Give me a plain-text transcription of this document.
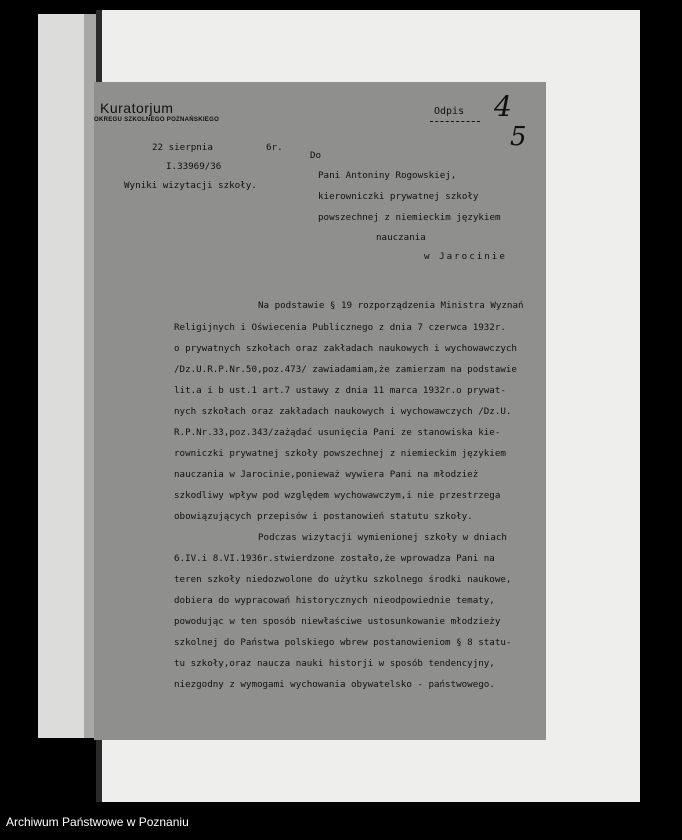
Kuratorjum
OKREGU SZKOLNEGO POZNAŃSKIEGO
Odpis 4
22 sierpnia	6r.
I.33969/36
Wyniki wizytacji szkoły.
Do
Pani Antoniny Rogowskiej,
kierowniczki prywatnej szkoły
powszechnej z niemieckim językiem
nauczania
w Jarocinie
Na podstawie § 19 rozporządzenia Ministra Wyznań
Religijnych i Oświecenia Publicznego z dnia 7 czerwca 1932r.
o prywatnych szkołach oraz zakładach naukowych i wychowawczych
/Dz.U.R.P.Nr.50,poz.473/ zawiadamiam,że zamierzam na podstawie
lit.a i b ust.1 art.7 ustawy z dnia 11 marca 1932r.o prywat-
nych szkołach oraz zakładach naukowych i wychowawczych /Dz.U.
R.P.Nr.33,poz.343/zażądać usunięcia Pani ze stanowiska kie-
rowniczki prywatnej szkoły powszechnej z niemieckim językiem
nauczania w Jarocinie,ponieważ wywiera Pani na młodzież
szkodliwy wpływ pod względem wychowawczym,i nie przestrzega
obowiązujących przepisów i postanowień statutu szkoły.
Podczas wizytacji wymienionej szkoły w dniach
6.IV.i 8.VI.1936r.stwierdzone zostało,że wprowadza Pani na
teren szkoły niedozwolone do użytku szkolnego środki naukowe,
dobiera do wypracowań historycznych nieodpowiednie tematy,
powodując w ten sposób niewłaściwe ustosunkowanie młodzieży
szkolnej do Państwa polskiego wbrew postanowieniom § 8 statu-
tu szkoły,oraz naucza nauki historji w sposób tendencyjny,
niezgodny z wymogami wychowania obywatelsko - państwowego.
5
Archiwum Państwowe w Poznaniu
